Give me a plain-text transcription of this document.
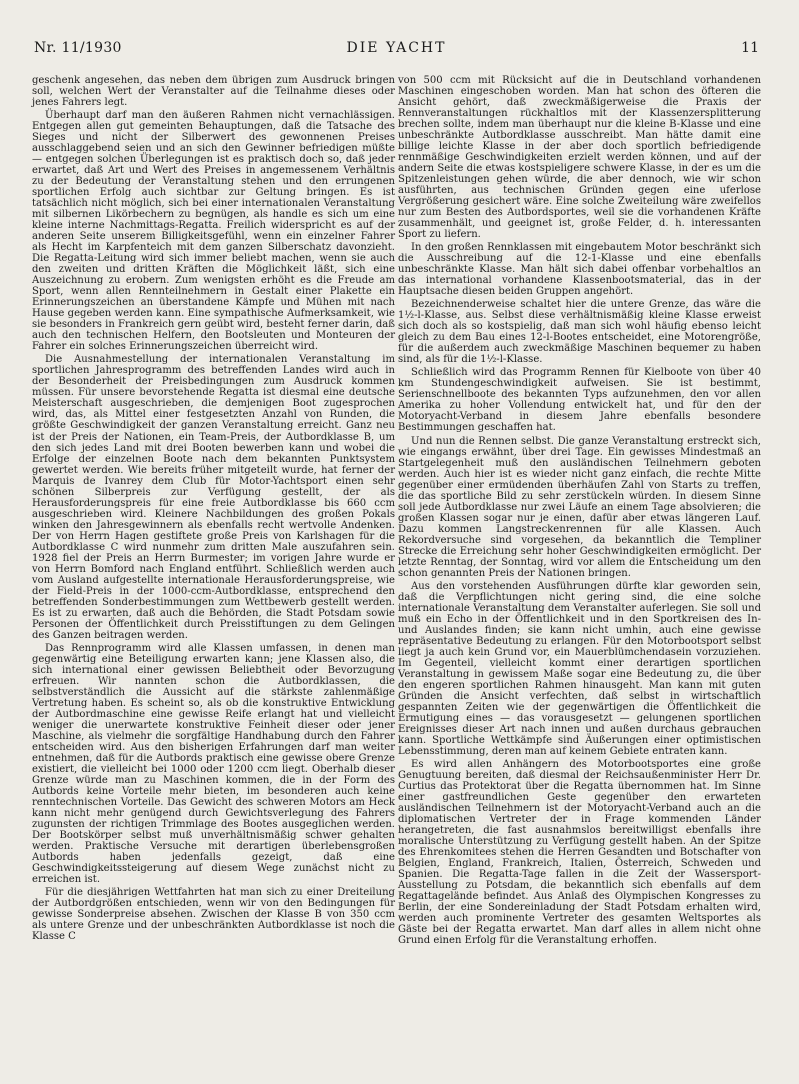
Nr. 11/1930	DIE YACHT	11

geschenk angesehen, das neben dem übrigen zum Ausdruck bringen soll, welchen Wert der Veranstalter auf die Teilnahme dieses oder jenes Fahrers legt.

Überhaupt darf man den äußeren Rahmen nicht vernachlässigen. Entgegen allen gut gemeinten Behauptungen, daß die Tatsache des Sieges und nicht der Silberwert des gewonnenen Preises ausschlaggebend seien und an sich den Gewinner befriedigen müßte — entgegen solchen Überlegungen ist es praktisch doch so, daß jeder erwartet, daß Art und Wert des Preises in angemessenem Verhältnis zu der Bedeutung der Veranstaltung stehen und den errungenen sportlichen Erfolg auch sichtbar zur Geltung bringen. Es ist tatsächlich nicht möglich, sich bei einer internationalen Veranstaltung mit silbernen Likörbechern zu begnügen, als handle es sich um eine kleine interne Nachmittags-Regatta. Freilich widerspricht es auf der anderen Seite unserem Billigkeitsgefühl, wenn ein einzelner Fahrer als Hecht im Karpfenteich mit dem ganzen Silberschatz davonzieht. Die Regatta-Leitung wird sich immer beliebt machen, wenn sie auch den zweiten und dritten Kräften die Möglichkeit läßt, sich eine Auszeichnung zu erobern. Zum wenigsten erhöht es die Freude am Sport, wenn allen Rennteilnehmern in Gestalt einer Plakette ein Erinnerungszeichen an überstandene Kämpfe und Mühen mit nach Hause gegeben werden kann. Eine sympathische Aufmerksamkeit, wie sie besonders in Frankreich gern geübt wird, besteht ferner darin, daß auch den technischen Helfern, den Bootsleuten und Monteuren der Fahrer ein solches Erinnerungszeichen überreicht wird.

Die Ausnahmestellung der internationalen Veranstaltung im sportlichen Jahresprogramm des betreffenden Landes wird auch in der Besonderheit der Preisbedingungen zum Ausdruck kommen müssen. Für unsere bevorstehende Regatta ist diesmal eine deutsche Meisterschaft ausgeschrieben, die demjenigen Boot zugesprochen wird, das, als Mittel einer festgesetzten Anzahl von Runden, die größte Geschwindigkeit der ganzen Veranstaltung erreicht. Ganz neu ist der Preis der Nationen, ein Team-Preis, der Autbordklasse B, um den sich jedes Land mit drei Booten bewerben kann und wobei die Erfolge der einzelnen Boote nach dem bekannten Punktsystem gewertet werden. Wie bereits früher mitgeteilt wurde, hat ferner der Marquis de Ivanrey dem Club für Motor-Yachtsport einen sehr schönen Silberpreis zur Verfügung gestellt, der als Herausforderungspreis für eine freie Autbordklasse bis 660 ccm ausgeschrieben wird. Kleinere Nachbildungen des großen Pokals winken den Jahresgewinnern als ebenfalls recht wertvolle Andenken. Der von Herrn Hagen gestiftete große Preis von Karlshagen für die Autbordklasse C wird nunmehr zum dritten Male auszufahren sein. 1928 fiel der Preis an Herrn Burmester; im vorigen Jahre wurde er von Herrn Bomford nach England entführt. Schließlich werden auch vom Ausland aufgestellte internationale Herausforderungspreise, wie der Field-Preis in der 1000-ccm-Autbordklasse, entsprechend den betreffenden Sonderbestimmungen zum Wettbewerb gestellt werden. Es ist zu erwarten, daß auch die Behörden, die Stadt Potsdam sowie Personen der Öffentlichkeit durch Preisstiftungen zu dem Gelingen des Ganzen beitragen werden.

Das Rennprogramm wird alle Klassen umfassen, in denen man gegenwärtig eine Beteiligung erwarten kann; jene Klassen also, die sich international einer gewissen Beliebtheit oder Bevorzugung erfreuen. Wir nannten schon die Autbordklassen, die selbstverständlich die Aussicht auf die stärkste zahlenmäßige Vertretung haben. Es scheint so, als ob die konstruktive Entwicklung der Autbordmaschine eine gewisse Reife erlangt hat und vielleicht weniger die unerwartete konstruktive Feinheit dieser oder jener Maschine, als vielmehr die sorgfältige Handhabung durch den Fahrer entscheiden wird. Aus den bisherigen Erfahrungen darf man weiter entnehmen, daß für die Autbords praktisch eine gewisse obere Grenze existiert, die vielleicht bei 1000 oder 1200 ccm liegt. Oberhalb dieser Grenze würde man zu Maschinen kommen, die in der Form des Autbords keine Vorteile mehr bieten, im besonderen auch keine renntechnischen Vorteile. Das Gewicht des schweren Motors am Heck kann nicht mehr genügend durch Gewichtsverlegung des Fahrers zugunsten der richtigen Trimmlage des Bootes ausgeglichen werden. Der Bootskörper selbst muß unverhältnismäßig schwer gehalten werden. Praktische Versuche mit derartigen überlebensgroßen Autbords haben jedenfalls gezeigt, daß eine Geschwindigkeitssteigerung auf diesem Wege zunächst nicht zu erreichen ist.

Für die diesjährigen Wettfahrten hat man sich zu einer Dreiteilung der Autbordgrößen entschieden, wenn wir von den Bedingungen für gewisse Sonderpreise absehen. Zwischen der Klasse B von 350 ccm als untere Grenze und der unbeschränkten Autbordklasse ist noch die Klasse C

von 500 ccm mit Rücksicht auf die in Deutschland vorhandenen Maschinen eingeschoben worden. Man hat schon des öfteren die Ansicht gehört, daß zweckmäßigerweise die Praxis der Rennveranstaltungen rückhaltlos mit der Klassenzersplitterung brechen sollte, indem man überhaupt nur die kleine B-Klasse und eine unbeschränkte Autbordklasse ausschreibt. Man hätte damit eine billige leichte Klasse in der aber doch sportlich befriedigende rennmäßige Geschwindigkeiten erzielt werden können, und auf der andern Seite die etwas kostspieligere schwere Klasse, in der es um die Spitzenleistungen gehen würde, die aber dennoch, wie wir schon ausführten, aus technischen Gründen gegen eine uferlose Vergrößerung gesichert wäre. Eine solche Zweiteilung wäre zweifellos nur zum Besten des Autbordsportes, weil sie die vorhandenen Kräfte zusammenhält, und geeignet ist, große Felder, d. h. interessanten Sport zu liefern.

In den großen Rennklassen mit eingebautem Motor beschränkt sich die Ausschreibung auf die 12-1-Klasse und eine ebenfalls unbeschränkte Klasse. Man hält sich dabei offenbar vorbehaltlos an das international vorhandene Klassenbootsmaterial, das in der Hauptsache diesen beiden Gruppen angehört.

Bezeichnenderweise schaltet hier die untere Grenze, das wäre die 1½-l-Klasse, aus. Selbst diese verhältnismäßig kleine Klasse erweist sich doch als so kostspielig, daß man sich wohl häufig ebenso leicht gleich zu dem Bau eines 12-l-Bootes entscheidet, eine Motorengröße, für die außerdem auch zweckmäßige Maschinen bequemer zu haben sind, als für die 1½-l-Klasse.

Schließlich wird das Programm Rennen für Kielboote von über 40 km Stundengeschwindigkeit aufweisen. Sie ist bestimmt, Serienschnellboote des bekannten Typs aufzunehmen, den vor allen Amerika zu hoher Vollendung entwickelt hat, und für den der Motoryacht-Verband in diesem Jahre ebenfalls besondere Bestimmungen geschaffen hat.

Und nun die Rennen selbst. Die ganze Veranstaltung erstreckt sich, wie eingangs erwähnt, über drei Tage. Ein gewisses Mindestmaß an Startgelegenheit muß den ausländischen Teilnehmern geboten werden. Auch hier ist es wieder nicht ganz einfach, die rechte Mitte gegenüber einer ermüdenden überhäufen Zahl von Starts zu treffen, die das sportliche Bild zu sehr zerstückeln würden. In diesem Sinne soll jede Autbordklasse nur zwei Läufe an einem Tage absolvieren; die großen Klassen sogar nur je einen, dafür aber etwas längeren Lauf. Dazu kommen Langstreckenrennen für alle Klassen. Auch Rekordversuche sind vorgesehen, da bekanntlich die Templiner Strecke die Erreichung sehr hoher Geschwindigkeiten ermöglicht. Der letzte Renntag, der Sonntag, wird vor allem die Entscheidung um den schon genannten Preis der Nationen bringen.

Aus den vorstehenden Ausführungen dürfte klar geworden sein, daß die Verpflichtungen nicht gering sind, die eine solche internationale Veranstaltung dem Veranstalter auferlegen. Sie soll und muß ein Echo in der Öffentlichkeit und in den Sportkreisen des In- und Auslandes finden; sie kann nicht umhin, auch eine gewisse repräsentative Bedeutung zu erlangen. Für den Motorbootsport selbst liegt ja auch kein Grund vor, ein Mauerblümchendasein vorzuziehen. Im Gegenteil, vielleicht kommt einer derartigen sportlichen Veranstaltung in gewissem Maße sogar eine Bedeutung zu, die über den engeren sportlichen Rahmen hinausgeht. Man kann mit guten Gründen die Ansicht verfechten, daß selbst in wirtschaftlich gespannten Zeiten wie der gegenwärtigen die Öffentlichkeit die Ermutigung eines — das vorausgesetzt — gelungenen sportlichen Ereignisses dieser Art nach innen und außen durchaus gebrauchen kann. Sportliche Wettkämpfe sind Äußerungen einer optimistischen Lebensstimmung, deren man auf keinem Gebiete entraten kann.

Es wird allen Anhängern des Motorbootsportes eine große Genugtuung bereiten, daß diesmal der Reichsaußenminister Herr Dr. Curtius das Protektorat über die Regatta übernommen hat. Im Sinne einer gastfreundlichen Geste gegenüber den erwarteten ausländischen Teilnehmern ist der Motoryacht-Verband auch an die diplomatischen Vertreter der in Frage kommenden Länder herangetreten, die fast ausnahmslos bereitwilligst ebenfalls ihre moralische Unterstützung zu Verfügung gestellt haben. An der Spitze des Ehrenkomitees stehen die Herren Gesandten und Botschafter von Belgien, England, Frankreich, Italien, Österreich, Schweden und Spanien. Die Regatta-Tage fallen in die Zeit der Wassersport-Ausstellung zu Potsdam, die bekanntlich sich ebenfalls auf dem Regattagelände befindet. Aus Anlaß des Olympischen Kongresses zu Berlin, der eine Sondereinladung der Stadt Potsdam erhalten wird, werden auch prominente Vertreter des gesamten Weltsportes als Gäste bei der Regatta erwartet. Man darf alles in allem nicht ohne Grund einen Erfolg für die Veranstaltung erhoffen.
